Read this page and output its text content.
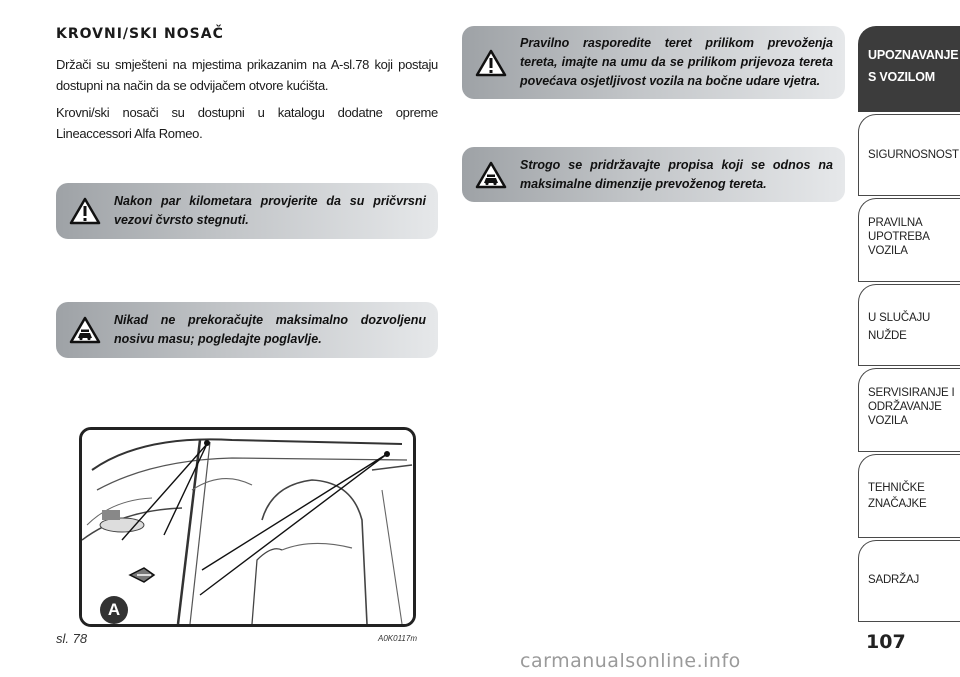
KROVNI/SKI NOSAČ
Držači su smješteni na mjestima prikazanim na A-sl.78 koji postaju dostupni na način da se odvijačem otvore kućišta.
Krovni/ski nosači su dostupni u katalogu dodatne opreme Lineaccessori Alfa Romeo.
Nakon par kilometara provjerite da su pričvrsni vezovi čvrsto stegnuti.
Nikad ne prekoračujte maksimalno dozvoljenu nosivu masu; pogledajte poglavlje.
Pravilno rasporedite teret prilikom prevoženja tereta, imajte na umu da se prilikom prijevoza tereta povećava osjetljivost vozila na bočne udare vjetra.
Strogo se pridržavajte propisa koji se odnos na maksimalne dimenzije prevoženog tereta.
A
sl. 78	A0K0117m
UPOZNAVANJE
S VOZILOM
SIGURNOSNOST
PRAVILNA
UPOTREBA
VOZILA
U SLUČAJU
NUŽDE
SERVISIRANJE I
ODRŽAVANJE
VOZILA
TEHNIČKE
ZNAČAJKE
SADRŽAJ
107
carmanualsonline.info
